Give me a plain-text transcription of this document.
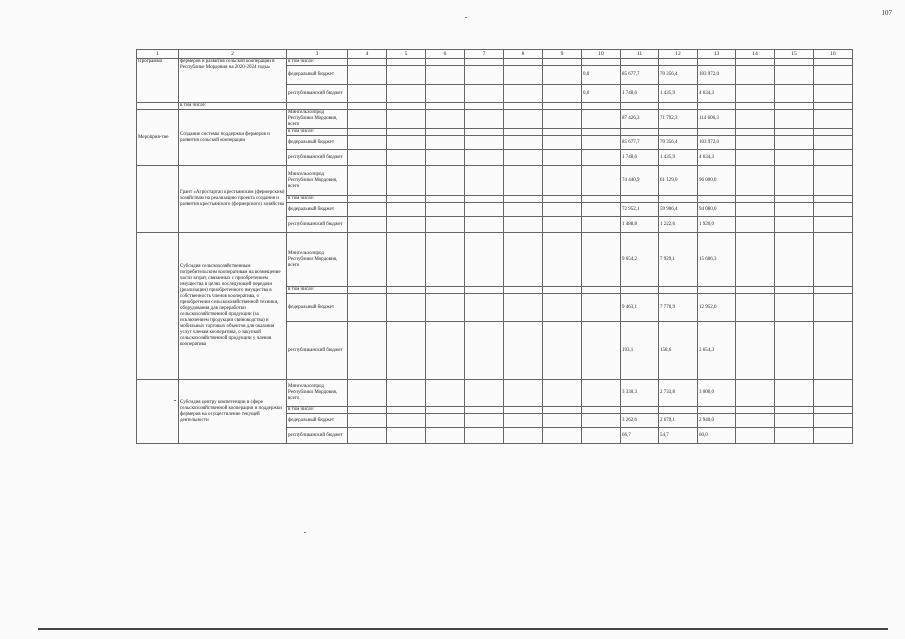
107
1	2	3	4	5	6	7	8	9	10	11	12	13	14	15	16
Программа	фермеров и развития сельской кооперации в Республике Мордовия на 2020-2024 годы»	в том числе:													
		федеральный бюджет							0,0	85 677,7	70 356,4	103 972,0			
		республиканский бюджет							0,0	1 748,6	1 435,9	4 634,3			
	в том числе:														
Мероприя-тие	Создание системы поддержки фермеров и развития сельской кооперации	Минсельхозпрод Республики Мордовия, всего								87 426,3	71 792,3	114 606,3			
		в том числе:													
		федеральный бюджет								85 677,7	70 356,4	103 972,0			
		республиканский бюджет								1 748,6	1 435,9	4 634,3			
	Грант «Агростартап крестьянским (фермерским) хозяйствам на реализацию проекта создания и развития крестьянского (фермерского) хозяйства	Минсельхозпрод Республики Мордовия, всего								74 440,9	61 129,0	96 000,0			
		в том числе:													
		федеральный бюджет								72 952,1	59 906,4	94 080,0			
		республиканский бюджет								1 488,8	1 222,6	1 920,0			
	Субсидия сельскохозяйственным потребительским кооперативам на возмещение части затрат, связанных с приобретением имущества в целях последующей передачи (реализации) приобретенного имущества в собственность членов кооператива, о приобретении сельскохозяйственной техники, оборудования для переработки сельскохозяйственной продукции (за исключением продукции свиноводства) и мобильных торговых объектов для оказания услуг членам кооператива, о закупкой сельскохозяйственной продукции у членов кооператива	Минсельхозпрод Республики Мордовия, всего								9 654,2	7 929,1	15 606,3			
		в том числе:													
		федеральный бюджет								9 463,1	7 770,9	12 952,0			
		республиканский бюджет								193,1	158,6	2 654,3			
	Субсидия центру компетенции в сфере сельскохозяйственной кооперации и поддержки фермеров на осуществление текущей деятельности	Минсельхозпрод Республики Мордовия, всего								3 330,3	2 733,8	3 000,0			
		в том числе:													
		федеральный бюджет								3 262,6	2 679,1	2 940,0			
		республиканский бюджет								66,7	54,7	60,0			
